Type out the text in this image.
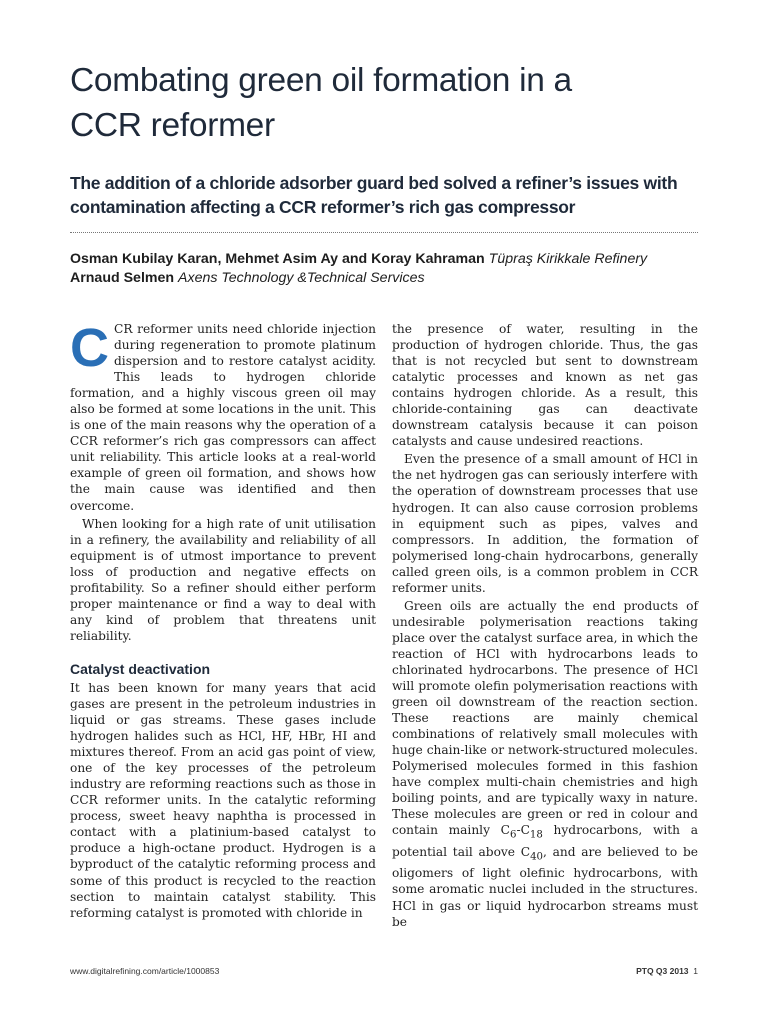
Combating green oil formation in a
CCR reformer
The addition of a chloride adsorber guard bed solved a refiner’s issues with
contamination affecting a CCR reformer’s rich gas compressor
Osman Kubilay Karan, Mehmet Asim Ay and Koray Kahraman Tüpraş Kirikkale Refinery
Arnaud Selmen Axens Technology &Technical Services

CCR reformer units need chloride injection during regeneration to promote platinum dispersion and to restore catalyst acidity. This leads to hydrogen chloride formation, and a highly viscous green oil may also be formed at some locations in the unit. This is one of the main reasons why the operation of a CCR reformer’s rich gas compressors can affect unit reliability. This article looks at a real-world example of green oil formation, and shows how the main cause was identified and then overcome.

When looking for a high rate of unit utilisation in a refinery, the availability and reliability of all equipment is of utmost importance to prevent loss of production and negative effects on profitability. So a refiner should either perform proper maintenance or find a way to deal with any kind of problem that threatens unit reliability.

Catalyst deactivation

It has been known for many years that acid gases are present in the petroleum industries in liquid or gas streams. These gases include hydrogen halides such as HCl, HF, HBr, HI and mixtures thereof. From an acid gas point of view, one of the key processes of the petroleum industry are reforming reactions such as those in CCR reformer units. In the catalytic reforming process, sweet heavy naphtha is processed in contact with a platinium-based catalyst to produce a high-octane product. Hydrogen is a byproduct of the catalytic reforming process and some of this product is recycled to the reaction section to maintain catalyst stability. This reforming catalyst is promoted with chloride in

the presence of water, resulting in the production of hydrogen chloride. Thus, the gas that is not recycled but sent to downstream catalytic processes and known as net gas contains hydrogen chloride. As a result, this chloride-containing gas can deactivate downstream catalysis because it can poison catalysts and cause undesired reactions.

Even the presence of a small amount of HCl in the net hydrogen gas can seriously interfere with the operation of downstream processes that use hydrogen. It can also cause corrosion problems in equipment such as pipes, valves and compressors. In addition, the formation of polymerised long-chain hydrocarbons, generally called green oils, is a common problem in CCR reformer units.

Green oils are actually the end products of undesirable polymerisation reactions taking place over the catalyst surface area, in which the reaction of HCl with hydrocarbons leads to chlorinated hydrocarbons. The presence of HCl will promote olefin polymerisation reactions with green oil downstream of the reaction section. These reactions are mainly chemical combinations of relatively small molecules with huge chain-like or network-structured molecules. Polymerised molecules formed in this fashion have complex multi-chain chemistries and high boiling points, and are typically waxy in nature. These molecules are green or red in colour and contain mainly $C_6-C_{18}$ hydrocarbons, with a potential tail above $C_{40}$, and are believed to be oligomers of light olefinic hydrocarbons, with some aromatic nuclei included in the structures. HCl in gas or liquid hydrocarbon streams must be

www.digitalrefining.com/article/1000853	PTQ Q3 2013 1
